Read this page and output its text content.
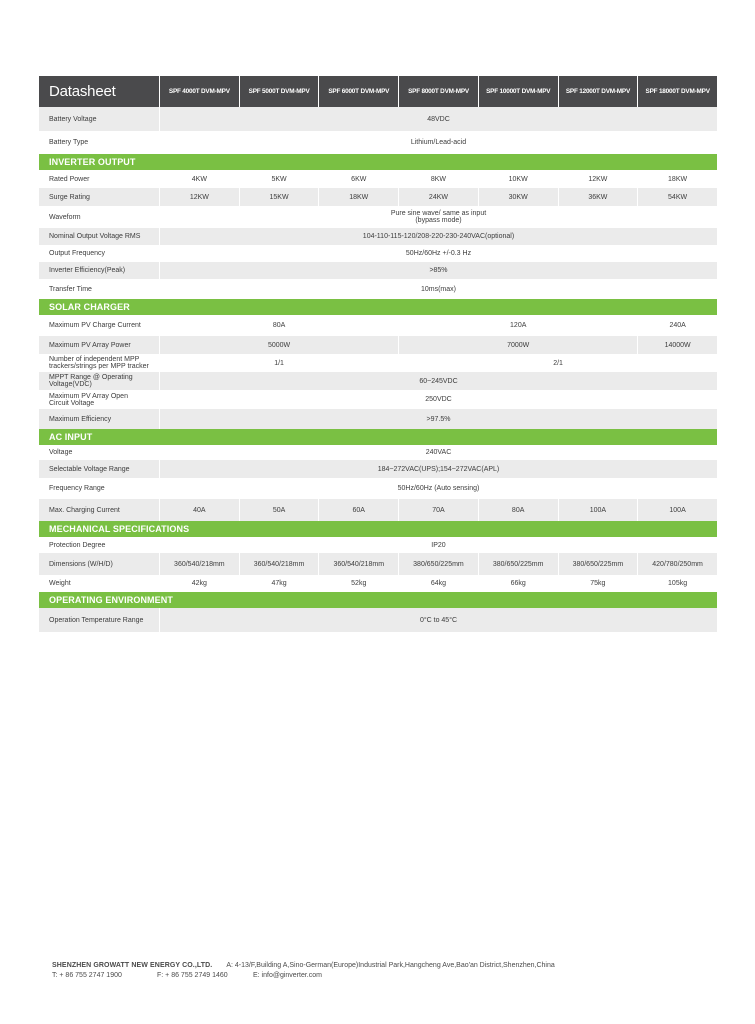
Datasheet	SPF 4000T DVM-MPV	SPF 5000T DVM-MPV	SPF 6000T DVM-MPV	SPF 8000T DVM-MPV	SPF 10000T DVM-MPV	SPF 12000T DVM-MPV	SPF 18000T DVM-MPV
Battery Voltage	48VDC
Battery Type	Lithium/Lead-acid
INVERTER OUTPUT
Rated Power	4KW	5KW	6KW	8KW	10KW	12KW	18KW
Surge Rating	12KW	15KW	18KW	24KW	30KW	36KW	54KW
Waveform	Pure sine wave/ same as input
(bypass mode)
Nominal Output Voltage RMS	104-110-115-120/208-220-230-240VAC(optional)
Output Frequency	50Hz/60Hz +/-0.3 Hz
Inverter Efficiency(Peak)	>85%
Transfer Time	10ms(max)
SOLAR CHARGER
Maximum PV Charge Current	80A	120A	240A
Maximum PV Array Power	5000W	7000W	14000W
Number of independent MPP
trackers/strings per MPP tracker	1/1	2/1
MPPT Range @ Operating
Voltage(VDC)	60~245VDC
Maximum PV Array Open
Circuit Voltage	250VDC
Maximum Efficiency	>97.5%
AC INPUT
Voltage	240VAC
Selectable Voltage Range	184~272VAC(UPS);154~272VAC(APL)
Frequency Range	50Hz/60Hz (Auto sensing)
Max. Charging Current	40A	50A	60A	70A	80A	100A	100A
MECHANICAL SPECIFICATIONS
Protection Degree	IP20
Dimensions (W/H/D)	360/540/218mm	360/540/218mm	360/540/218mm	380/650/225mm	380/650/225mm	380/650/225mm	420/780/250mm
Weight	42kg	47kg	52kg	64kg	66kg	75kg	105kg
OPERATING ENVIRONMENT
Operation Temperature Range	0°C to 45°C
SHENZHEN GROWATT NEW ENERGY CO.,LTD. A: 4-13/F,Building A,Sino-German(Europe)Industrial Park,Hangcheng Ave,Bao'an District,Shenzhen,China
T: + 86 755 2747 1900	F: + 86 755 2749 1460	E: info@ginverter.com
